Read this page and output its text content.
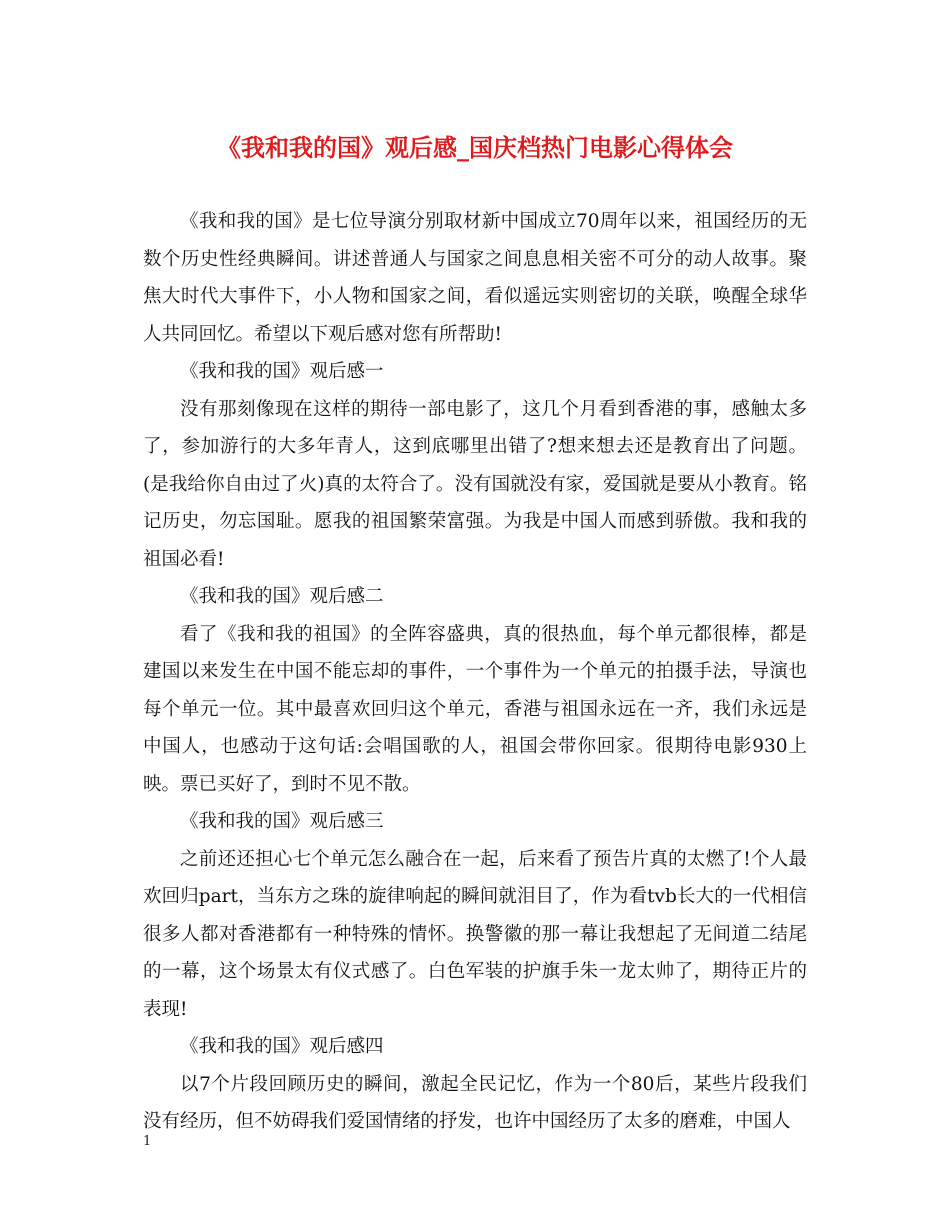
《我和我的国》观后感_国庆档热门电影心得体会

《我和我的国》是七位导演分别取材新中国成立70周年以来，祖国经历的无数个历史性经典瞬间。讲述普通人与国家之间息息相关密不可分的动人故事。聚焦大时代大事件下，小人物和国家之间，看似遥远实则密切的关联，唤醒全球华人共同回忆。希望以下观后感对您有所帮助!

《我和我的国》观后感一

没有那刻像现在这样的期待一部电影了，这几个月看到香港的事，感触太多了，参加游行的大多年青人，这到底哪里出错了?想来想去还是教育出了问题。(是我给你自由过了火)真的太符合了。没有国就没有家，爱国就是要从小教育。铭记历史，勿忘国耻。愿我的祖国繁荣富强。为我是中国人而感到骄傲。我和我的祖国必看!

《我和我的国》观后感二

看了《我和我的祖国》的全阵容盛典，真的很热血，每个单元都很棒，都是建国以来发生在中国不能忘却的事件，一个事件为一个单元的拍摄手法，导演也每个单元一位。其中最喜欢回归这个单元，香港与祖国永远在一齐，我们永远是中国人，也感动于这句话:会唱国歌的人，祖国会带你回家。很期待电影930上映。票已买好了，到时不见不散。

《我和我的国》观后感三

之前还还担心七个单元怎么融合在一起，后来看了预告片真的太燃了!个人最欢回归part，当东方之珠的旋律响起的瞬间就泪目了，作为看tvb长大的一代相信很多人都对香港都有一种特殊的情怀。换警徽的那一幕让我想起了无间道二结尾的一幕，这个场景太有仪式感了。白色军装的护旗手朱一龙太帅了，期待正片的表现!

《我和我的国》观后感四

以7个片段回顾历史的瞬间，激起全民记忆，作为一个80后，某些片段我们没有经历，但不妨碍我们爱国情绪的抒发，也许中国经历了太多的磨难，中国人

1
